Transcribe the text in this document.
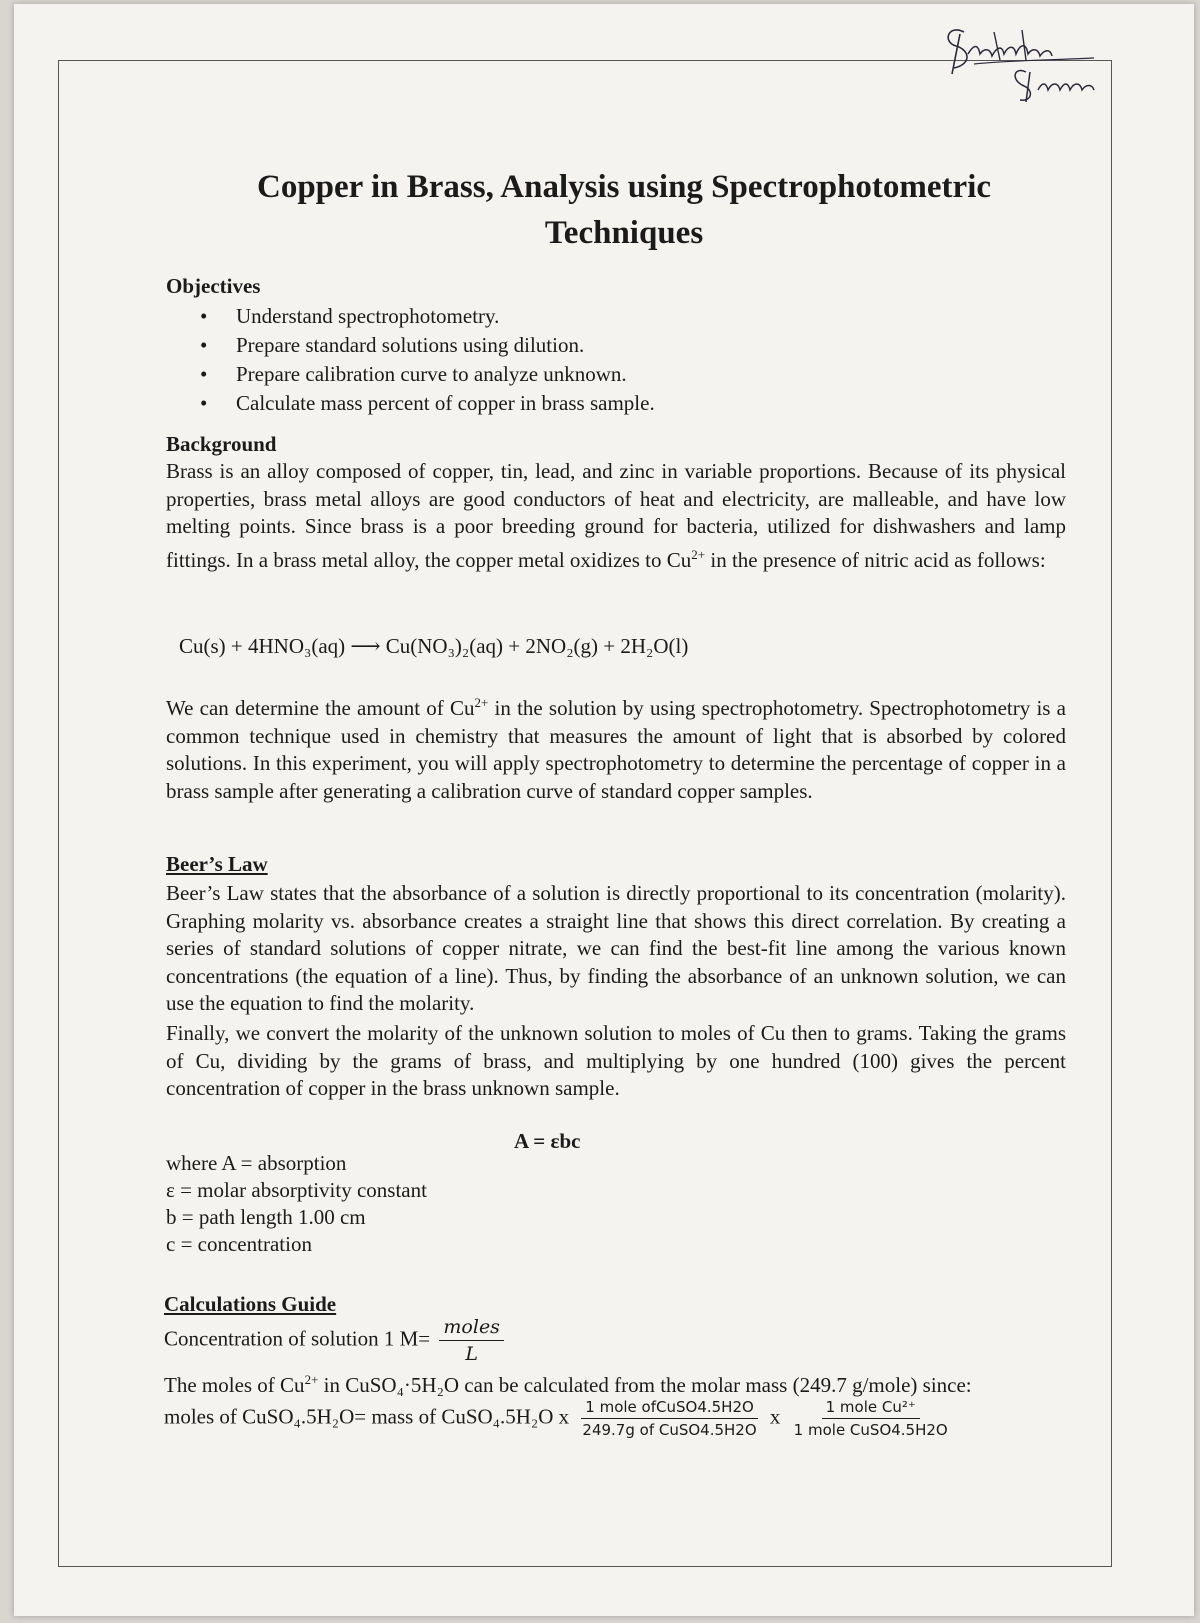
Copper in Brass, Analysis using Spectrophotometric Techniques
Objectives
• Understand spectrophotometry.
• Prepare standard solutions using dilution.
• Prepare calibration curve to analyze unknown.
• Calculate mass percent of copper in brass sample.
Background
Brass is an alloy composed of copper, tin, lead, and zinc in variable proportions. Because of its physical properties, brass metal alloys are good conductors of heat and electricity, are malleable, and have low melting points. Since brass is a poor breeding ground for bacteria, utilized for dishwashers and lamp fittings. In a brass metal alloy, the copper metal oxidizes to $Cu^{2+}$ in the presence of nitric acid as follows:
Cu(s) + 4HNO₃(aq) ⟶ Cu(NO₃)₂(aq) + 2NO₂(g) + 2H₂O(l)
We can determine the amount of $Cu^{2+}$ in the solution by using spectrophotometry. Spectrophotometry is a common technique used in chemistry that measures the amount of light that is absorbed by colored solutions. In this experiment, you will apply spectrophotometry to determine the percentage of copper in a brass sample after generating a calibration curve of standard copper samples.
Beer’s Law
Beer’s Law states that the absorbance of a solution is directly proportional to its concentration (molarity). Graphing molarity vs. absorbance creates a straight line that shows this direct correlation. By creating a series of standard solutions of copper nitrate, we can find the best-fit line among the various known concentrations (the equation of a line). Thus, by finding the absorbance of an unknown solution, we can use the equation to find the molarity.
Finally, we convert the molarity of the unknown solution to moles of Cu then to grams. Taking the grams of Cu, dividing by the grams of brass, and multiplying by one hundred (100) gives the percent concentration of copper in the brass unknown sample.
A = εbc
where A = absorption
ε = molar absorptivity constant
b = path length 1.00 cm
c = concentration
Calculations Guide
Concentration of solution 1 $M= \frac{\text{moles}}{L}$
The moles of $Cu^{2+}$ in CuSO₄·5H₂O can be calculated from the molar mass (249.7 g/mole) since:
moles of CuSO₄.5H₂O= mass of CuSO₄.5H₂O x $\frac{\text{1 mole ofCuSO4.5H2O}}{\text{249.7g of CuSO4.5H2O}}$ x $\frac{\text{1 mole Cu²⁺}}{\text{1 mole CuSO4.5H2O}}$
